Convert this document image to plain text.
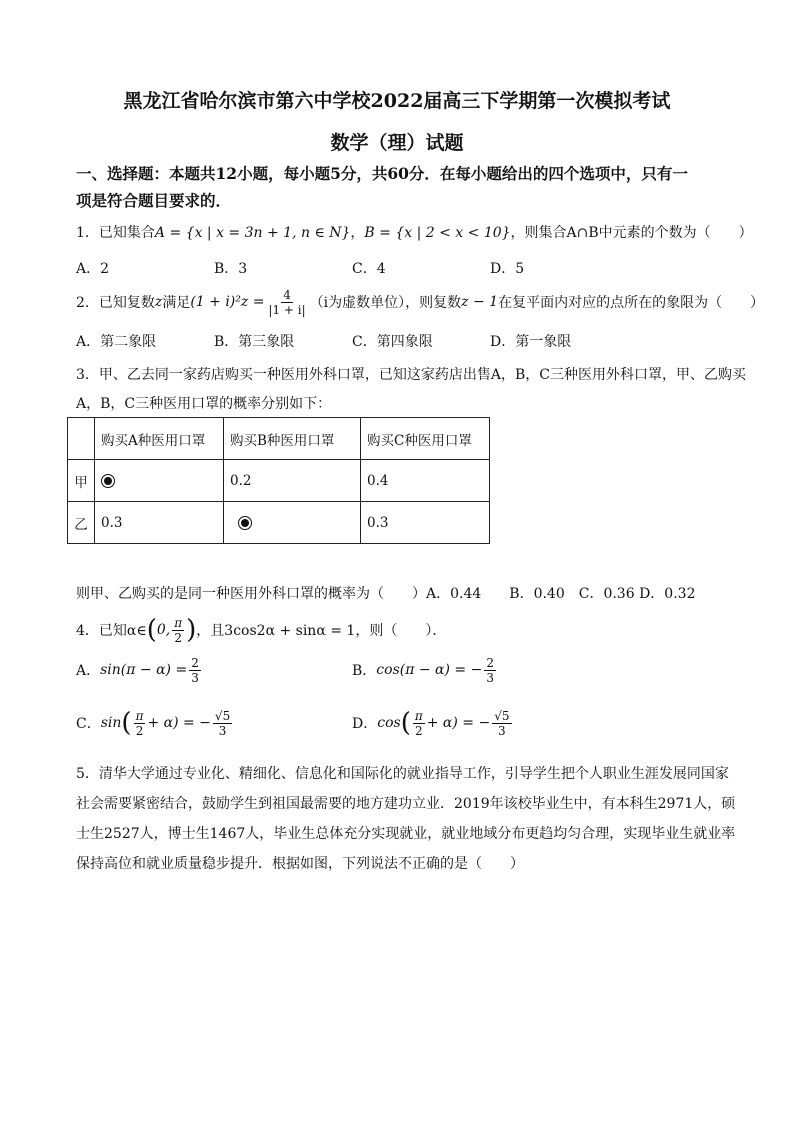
黑龙江省哈尔滨市第六中学校2022届高三下学期第一次模拟考试
数学（理）试题
一、选择题：本题共12小题，每小题5分，共60分．在每小题给出的四个选项中，只有一
项是符合题目要求的．
1．已知集合A = {x | x = 3n + 1, n ∈ N}，B = {x | 2 < x < 10}，则集合A∩B中元素的个数为（　　）
A．2	B．3	C．4	D．5
2．已知复数 z 满足 $(1 + i)^2z = \frac{4}{|1 + i|} (i$为虚数单位），则复数 z − 1 在复平面内对应的点所在的象限为（　　）
A．第二象限	B．第三象限	C．第四象限	D．第一象限
3．甲、乙去同一家药店购买一种医用外科口罩，已知这家药店出售A，B，C三种医用外科口罩，甲、乙购买
A，B，C三种医用口罩的概率分别如下：
	购买A种医用口罩	购买B种医用口罩	购买C种医用口罩
甲		0.2	0.4
乙	0.3		0.3
则甲、乙购买的是同一种医用外科口罩的概率为（　　）A．0.44　　B．0.40　C．0.36 D．0.32
4．已知α∈ ( 0, $\frac{\pi}{2}$ ) ，且3cos2α + sinα = 1，则（　　）．
A． $\sin(\pi - \alpha) = \frac{2}{3}$	B． cos(π − α) = − $\frac{2}{3}$
C． sin ( $\frac{\pi}{2} + \alpha$) = − $\frac{√5}{3}$	D． cos ( $\frac{\pi}{2} + \alpha$) = − $\frac{√5}{3}$
5．清华大学通过专业化、精细化、信息化和国际化的就业指导工作，引导学生把个人职业生涯发展同国家
社会需要紧密结合，鼓励学生到祖国最需要的地方建功立业．2019年该校毕业生中，有本科生2971人，硕
士生2527人，博士生1467人，毕业生总体充分实现就业，就业地域分布更趋均匀合理，实现毕业生就业率
保持高位和就业质量稳步提升．根据如图，下列说法不正确的是（　　）
